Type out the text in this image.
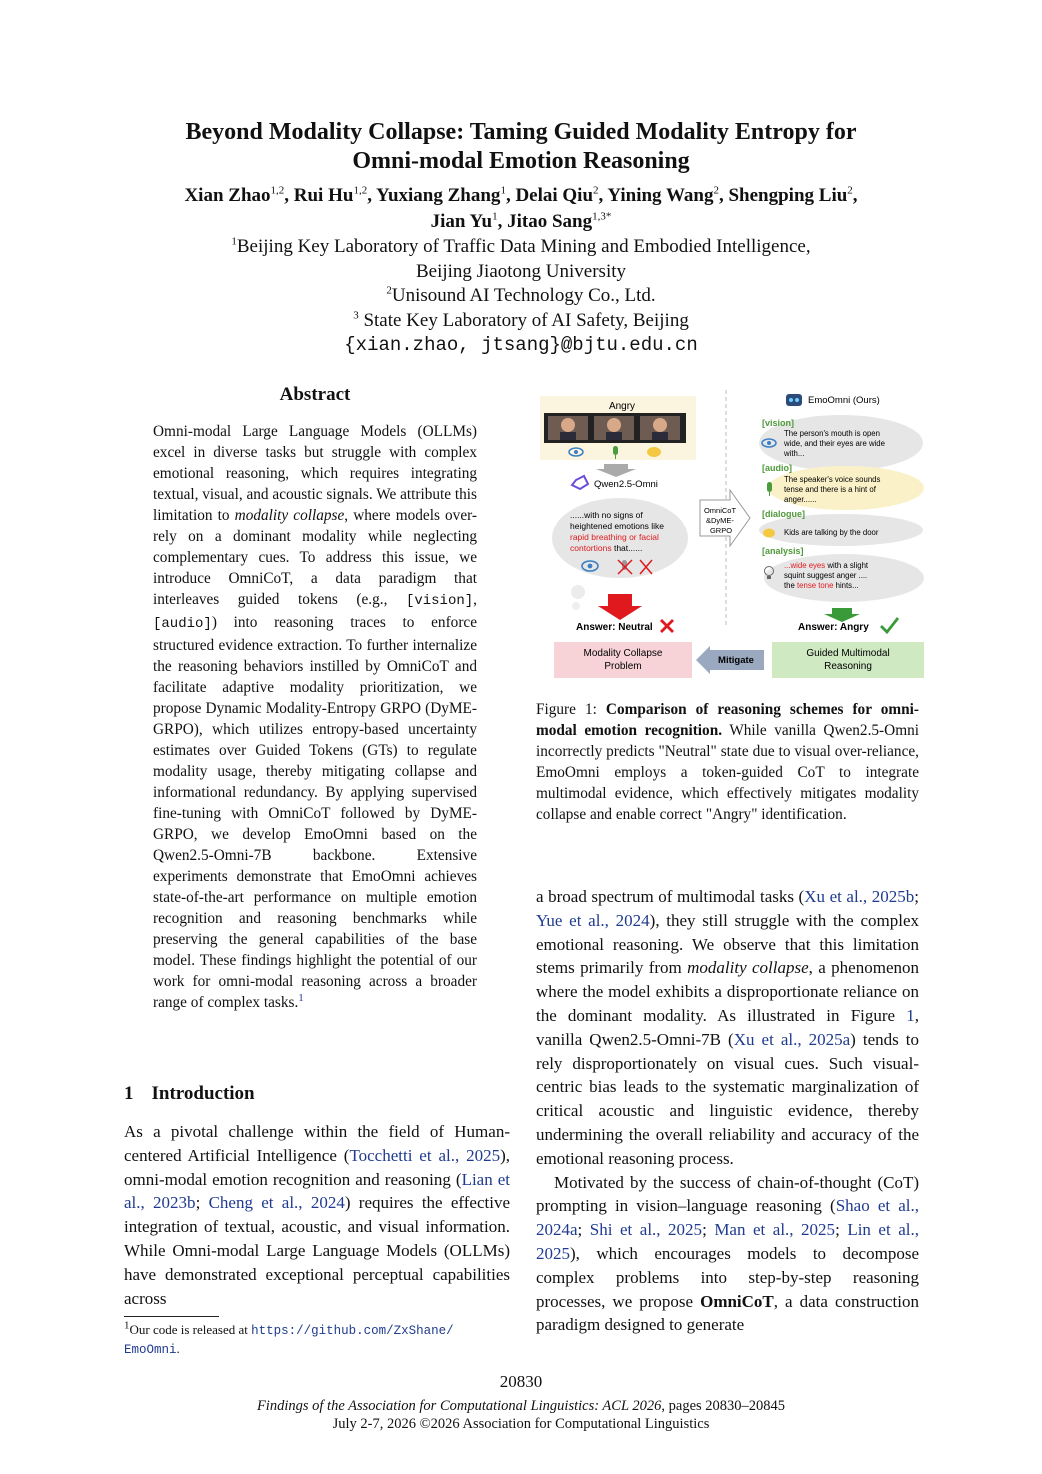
Beyond Modality Collapse: Taming Guided Modality Entropy for
Omni-modal Emotion Reasoning
Xian Zhao$^{1,2}$, Rui Hu$^{1,2}$, Yuxiang Zhang$^1$, Delai Qiu$^2$, Yining Wang$^2$, Shengping Liu$^2$,
Jian Yu$^1$, Jitao Sang$^{1,3*}$
$^1$Beijing Key Laboratory of Traffic Data Mining and Embodied Intelligence,
Beijing Jiaotong University
$^2$Unisound AI Technology Co., Ltd.
$^3$ State Key Laboratory of AI Safety, Beijing
{xian.zhao, jtsang}@bjtu.edu.cn
Abstract
Omni-modal Large Language Models (OLLMs) excel in diverse tasks but struggle with complex emotional reasoning, which requires integrating textual, visual, and acoustic signals. We attribute this limitation to modality collapse, where models over-rely on a dominant modality while neglecting complementary cues. To address this issue, we introduce OmniCoT, a data paradigm that interleaves guided tokens (e.g., [vision], [audio]) into reasoning traces to enforce structured evidence extraction. To further internalize the reasoning behaviors instilled by OmniCoT and facilitate adaptive modality prioritization, we propose Dynamic Modality-Entropy GRPO (DyME-GRPO), which utilizes entropy-based uncertainty estimates over Guided Tokens (GTs) to regulate modality usage, thereby mitigating collapse and informational redundancy. By applying supervised fine-tuning with OmniCoT followed by DyME-GRPO, we develop EmoOmni based on the Qwen2.5-Omni-7B backbone. Extensive experiments demonstrate that EmoOmni achieves state-of-the-art performance on multiple emotion recognition and reasoning benchmarks while preserving the general capabilities of the base model. These findings highlight the potential of our work for omni-modal reasoning across a broader range of complex tasks.$^1$
1 Introduction

As a pivotal challenge within the field of Human-centered Artificial Intelligence (Tocchetti et al., 2025), omni-modal emotion recognition and reasoning (Lian et al., 2023b; Cheng et al., 2024) requires the effective integration of textual, acoustic, and visual information. While Omni-modal Large Language Models (OLLMs) have demonstrated exceptional perceptual capabilities across

$^1$Our code is released at https://github.com/ZxShane/
EmoOmni.
Angry
Qwen2.5-Omni
......with no signs of heightened emotions like rapid breathing or facial contortions that......
Answer: Neutral
Modality Collapse
Problem
OmniCoT &DyME- GRPO
Mitigate
EmoOmni (Ours)
[vision]
The person's mouth is open wide, and their eyes are wide with...
[audio]
The speaker's voice sounds tense and there is a hint of anger......
[dialogue]
Kids are talking by the door
[analysis]
...wide eyes with a slight squint suggest anger .... the tense tone hints...
Answer: Angry
Guided Multimodal
Reasoning
Figure 1: Comparison of reasoning schemes for omni-modal emotion recognition. While vanilla Qwen2.5-Omni incorrectly predicts "Neutral" state due to visual over-reliance, EmoOmni employs a token-guided CoT to integrate multimodal evidence, which effectively mitigates modality collapse and enable correct "Angry" identification.

a broad spectrum of multimodal tasks (Xu et al., 2025b; Yue et al., 2024), they still struggle with the complex emotional reasoning. We observe that this limitation stems primarily from modality collapse, a phenomenon where the model exhibits a disproportionate reliance on the dominant modality. As illustrated in Figure 1, vanilla Qwen2.5-Omni-7B (Xu et al., 2025a) tends to rely disproportionately on visual cues. Such visual-centric bias leads to the systematic marginalization of critical acoustic and linguistic evidence, thereby undermining the overall reliability and accuracy of the emotional reasoning process.

Motivated by the success of chain-of-thought (CoT) prompting in vision–language reasoning (Shao et al., 2024a; Shi et al., 2025; Man et al., 2025; Lin et al., 2025), which encourages models to decompose complex problems into step-by-step reasoning processes, we propose OmniCoT, a data construction paradigm designed to generate

20830
Findings of the Association for Computational Linguistics: ACL 2026, pages 20830–20845
July 2-7, 2026 ©2026 Association for Computational Linguistics
